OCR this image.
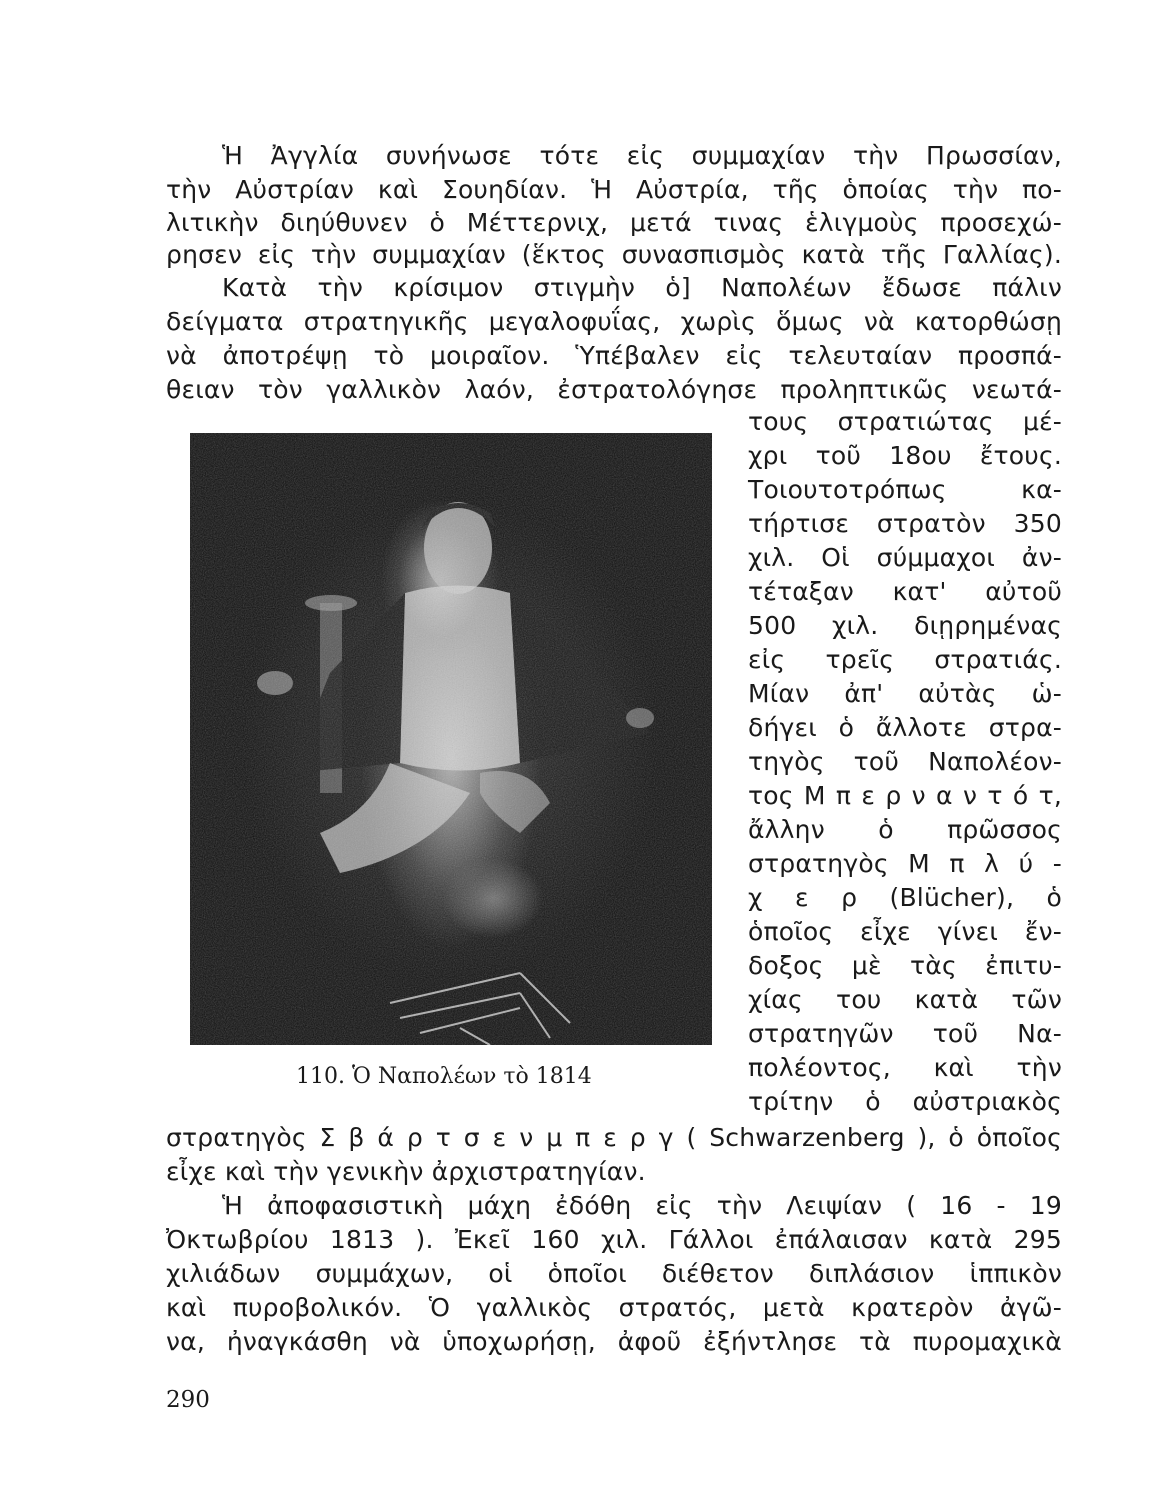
Ἡ Ἀγγλία συνήνωσε τότε εἰς συμμαχίαν τὴν Πρωσσίαν,
τὴν Αὐστρίαν καὶ Σουηδίαν. Ἡ Αὐστρία, τῆς ὁποίας τὴν πο-
λιτικὴν διηύθυνεν ὁ Μέττερνιχ, μετά τινας ἑλιγμοὺς προσεχώ-
ρησεν εἰς τὴν συμμαχίαν (ἕκτος συνασπισμὸς κατὰ τῆς Γαλλίας).
Κατὰ τὴν κρίσιμον στιγμὴν ὁ] Ναπολέων ἔδωσε πάλιν
δείγματα στρατηγικῆς μεγαλοφυΐας, χωρὶς ὅμως νὰ κατορθώσῃ
νὰ ἀποτρέψῃ τὸ μοιραῖον. Ὑπέβαλεν εἰς τελευταίαν προσπά-
θειαν τὸν γαλλικὸν λαόν, ἐστρατολόγησε προληπτικῶς νεωτά-
τους στρατιώτας μέ-
χρι τοῦ 18ου ἔτους.
Τοιουτοτρόπως κα-
τήρτισε στρατὸν 350
χιλ. Οἱ σύμμαχοι ἀν-
τέταξαν κατ' αὐτοῦ
500 χιλ. διῃρημένας
εἰς τρεῖς στρατιάς.
Μίαν ἀπ' αὐτὰς ὡ-
δήγει ὁ ἄλλοτε στρα-
τηγὸς τοῦ Ναπολέον-
τος Μ π ε ρ ν α ν τ ό τ,
ἄλλην ὁ πρῶσσος
στρατηγὸς Μ π λ ύ -
χ ε ρ (Blücher), ὁ
ὁποῖος εἶχε γίνει ἔν-
δοξος μὲ τὰς ἐπιτυ-
χίας του κατὰ τῶν
στρατηγῶν τοῦ Να-
πολέοντος, καὶ τὴν
τρίτην ὁ αὐστριακὸς
στρατηγὸς Σ β ά ρ τ σ ε ν μ π ε ρ γ ( Schwarzenberg ), ὁ ὁποῖος
εἶχε καὶ τὴν γενικὴν ἀρχιστρατηγίαν.
Ἡ ἀποφασιστικὴ μάχη ἐδόθη εἰς τὴν Λειψίαν ( 16 - 19
Ὀκτωβρίου 1813 ). Ἐκεῖ 160 χιλ. Γάλλοι ἐπάλαισαν κατὰ 295
χιλιάδων συμμάχων, οἱ ὁποῖοι διέθετον διπλάσιον ἱππικὸν
καὶ πυροβολικόν. Ὁ γαλλικὸς στρατός, μετὰ κρατερὸν ἀγῶ-
να, ἠναγκάσθη νὰ ὑποχωρήσῃ, ἀφοῦ ἐξήντλησε τὰ πυρομαχικὰ
110. Ὁ Ναπολέων τὸ 1814
290
